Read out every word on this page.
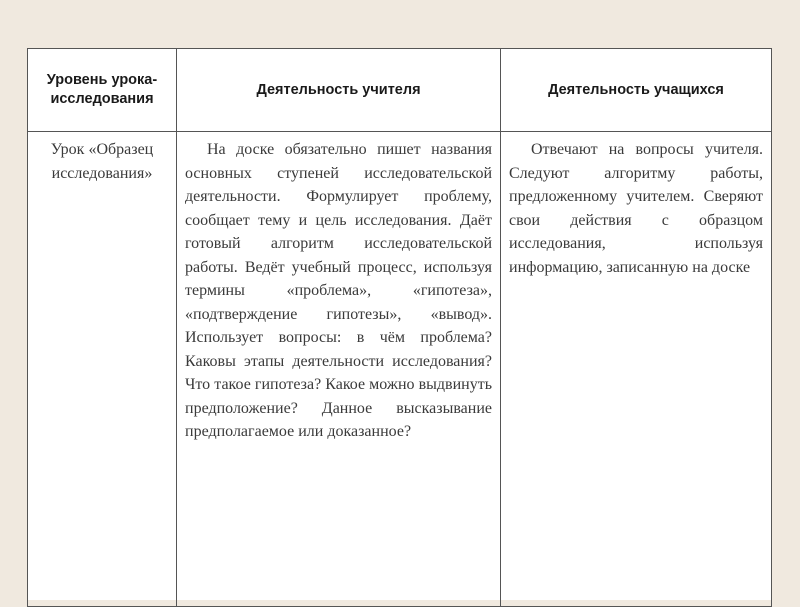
Уровень урока-исследования	Деятельность учителя	Деятельность учащихся
Урок «Образец исследования»	На доске обязательно пишет названия основных ступеней исследовательской деятельности. Формулирует проблему, сообщает тему и цель исследования. Даёт готовый алгоритм исследовательской работы. Ведёт учебный процесс, используя термины «проблема», «гипотеза», «подтверждение гипотезы», «вывод». Использует вопросы: в чём проблема? Каковы этапы деятельности исследования? Что такое гипотеза? Какое можно выдвинуть предположение? Данное высказывание предполагаемое или доказанное?	Отвечают на вопросы учителя. Следуют алгоритму работы, предложенному учителем. Сверяют свои действия с образцом исследования, используя информацию, записанную на доске
